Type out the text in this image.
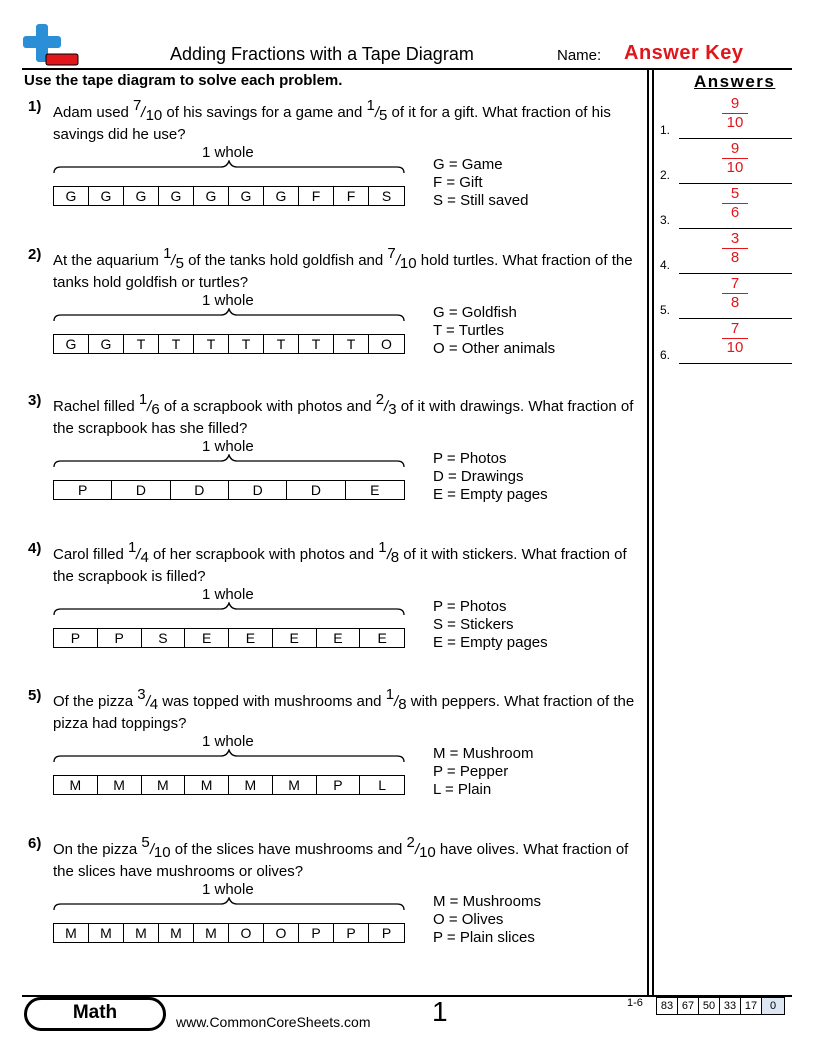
Adding Fractions with a Tape Diagram	Name: Answer Key
Use the tape diagram to solve each problem.	Answers
1) Adam used $^7/_{10}$ of his savings for a game and $^1/_5$ of it for a gift. What fraction of his savings did he use?
1 whole
G	G	G	G	G	G	G	F	F	S
G = Game
F = Gift
S = Still saved
2) At the aquarium $^1/_5$ of the tanks hold goldfish and $^7/_{10}$ hold turtles. What fraction of the tanks hold goldfish or turtles?
1 whole
G	G	T	T	T	T	T	T	T	O
G = Goldfish
T = Turtles
O = Other animals
3) Rachel filled $^1/_6$ of a scrapbook with photos and $^2/_3$ of it with drawings. What fraction of the scrapbook has she filled?
1 whole
P	D	D	D	D	E
P = Photos
D = Drawings
E = Empty pages
4) Carol filled $^1/_4$ of her scrapbook with photos and $^1/_8$ of it with stickers. What fraction of the scrapbook is filled?
1 whole
P	P	S	E	E	E	E	E
P = Photos
S = Stickers
E = Empty pages
5) Of the pizza $^3/_4$ was topped with mushrooms and $^1/_8$ with peppers. What fraction of the pizza had toppings?
1 whole
M	M	M	M	M	M	P	L
M = Mushroom
P = Pepper
L = Plain
6) On the pizza $^5/_{10}$ of the slices have mushrooms and $^2/_{10}$ have olives. What fraction of the slices have mushrooms or olives?
1 whole
M	M	M	M	M	O	O	P	P	P
M = Mushrooms
O = Olives
P = Plain slices
1.
9
10
2.
9
10
3.
5
6
4.
3
8
5.
7
8
6.
7
10
Math	www.CommonCoreSheets.com 1	1-6	83 67 50 33 17	0
